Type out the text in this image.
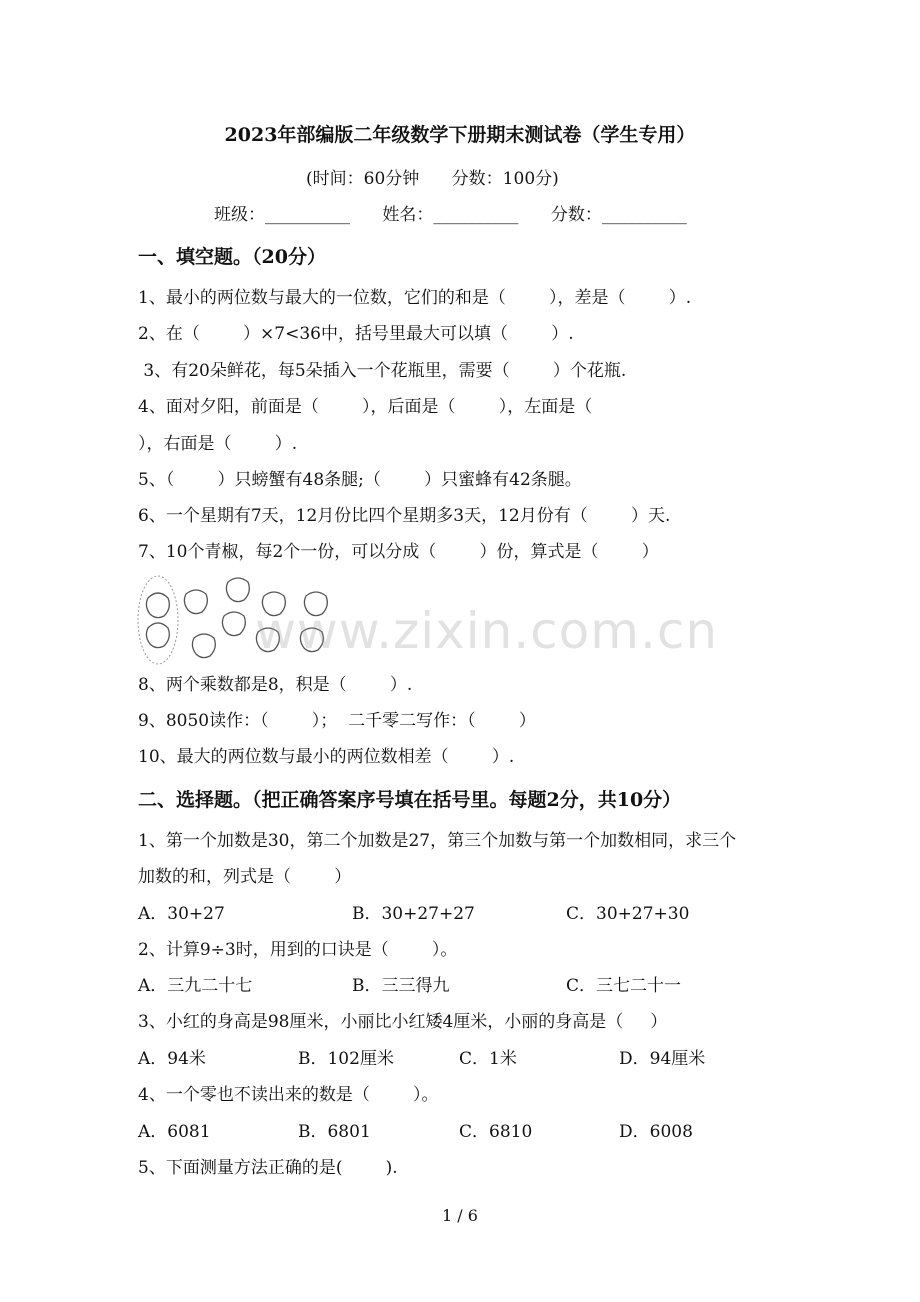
2023年部编版二年级数学下册期末测试卷（学生专用）
(时间：60分钟      分数：100分)
班级：__________      姓名：__________      分数：__________
一、填空题。（20分）
1、最小的两位数与最大的一位数，它们的和是（        ），差是（        ）.
2、在（        ）×7<36中，括号里最大可以填（        ）.
3、有20朵鲜花，每5朵插入一个花瓶里，需要（        ）个花瓶.
4、面对夕阳，前面是（        ），后面是（        ），左面是（
），右面是（        ）.
5、（        ）只螃蟹有48条腿;（        ）只蜜蜂有42条腿。
6、一个星期有7天，12月份比四个星期多3天，12月份有（        ）天.
7、10个青椒，每2个一份，可以分成（        ）份，算式是（        ）
www.zixin.com.cn
8、两个乘数都是8，积是（        ）.
9、8050读作：（        ）；  二千零二写作：（        ）
10、最大的两位数与最小的两位数相差（        ）.
二、选择题。（把正确答案序号填在括号里。每题2分，共10分）
1、第一个加数是30，第二个加数是27，第三个加数与第一个加数相同，求三个
加数的和，列式是（        ）
A．30+27	B．30+27+27	C．30+27+30
2、计算9÷3时，用到的口诀是（        ）。
A．三九二十七	B．三三得九	C．三七二十一
3、小红的身高是98厘米，小丽比小红矮4厘米，小丽的身高是（     ）
A．94米	B．102厘米	C．1米	D．94厘米
4、一个零也不读出来的数是（        ）。
A．6081	B．6801	C．6810	D．6008
5、下面测量方法正确的是(        ).
1 / 6
